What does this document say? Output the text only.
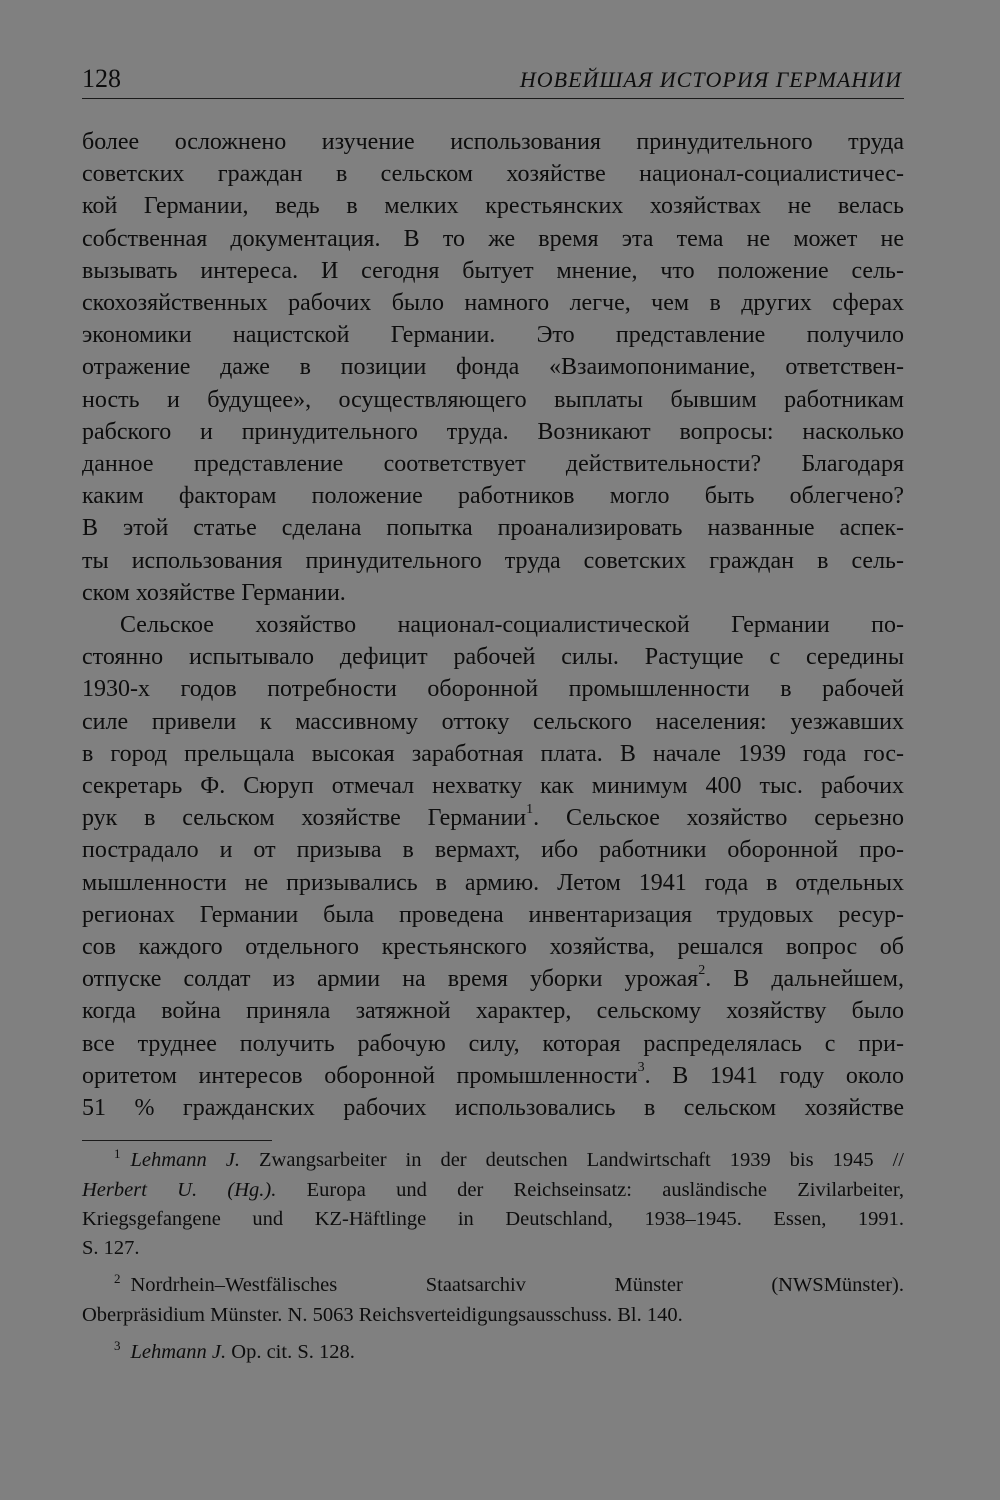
128	НОВЕЙШАЯ ИСТОРИЯ ГЕРМАНИИ
более осложнено изучение использования принудительного труда
советских граждан в сельском хозяйстве национал-социалистичес-
кой Германии, ведь в мелких крестьянских хозяйствах не велась
собственная документация. В то же время эта тема не может не
вызывать интереса. И сегодня бытует мнение, что положение сель-
скохозяйственных рабочих было намного легче, чем в других сферах
экономики нацистской Германии. Это представление получило
отражение даже в позиции фонда «Взаимопонимание, ответствен-
ность и будущее», осуществляющего выплаты бывшим работникам
рабского и принудительного труда. Возникают вопросы: насколько
данное представление соответствует действительности? Благодаря
каким факторам положение работников могло быть облегчено?
В этой статье сделана попытка проанализировать названные аспек-
ты использования принудительного труда советских граждан в сель-
ском хозяйстве Германии.
Сельское хозяйство национал-социалистической Германии по-
стоянно испытывало дефицит рабочей силы. Растущие с середины
1930-х годов потребности оборонной промышленности в рабочей
силе привели к массивному оттоку сельского населения: уезжавших
в город прельщала высокая заработная плата. В начале 1939 года гос-
секретарь Ф. Сюруп отмечал нехватку как минимум 400 тыс. рабочих
рук в сельском хозяйстве Германии$^1$. Сельское хозяйство серьезно
пострадало и от призыва в вермахт, ибо работники оборонной про-
мышленности не призывались в армию. Летом 1941 года в отдельных
регионах Германии была проведена инвентаризация трудовых ресур-
сов каждого отдельного крестьянского хозяйства, решался вопрос об
отпуске солдат из армии на время уборки урожая$^2$. В дальнейшем,
когда война приняла затяжной характер, сельскому хозяйству было
все труднее получить рабочую силу, которая распределялась с при-
оритетом интересов оборонной промышленности$^3$. В 1941 году около
51 % гражданских рабочих использовались в сельском хозяйстве
$^1$ Lehmann J. Zwangsarbeiter in der deutschen Landwirtschaft 1939 bis 1945 //
Herbert U. (Hg.). Europa und der Reichseinsatz: ausländische Zivilarbeiter,
Kriegsgefangene und KZ-Häftlinge in Deutschland, 1938–1945. Essen, 1991.
S. 127.
$^2$ Nordrhein–Westfälisches Staatsarchiv Münster (NWSMünster).
Oberpräsidium Münster. N. 5063 Reichsverteidigungsausschuss. Bl. 140.
$^3$ Lehmann J. Op. cit. S. 128.
